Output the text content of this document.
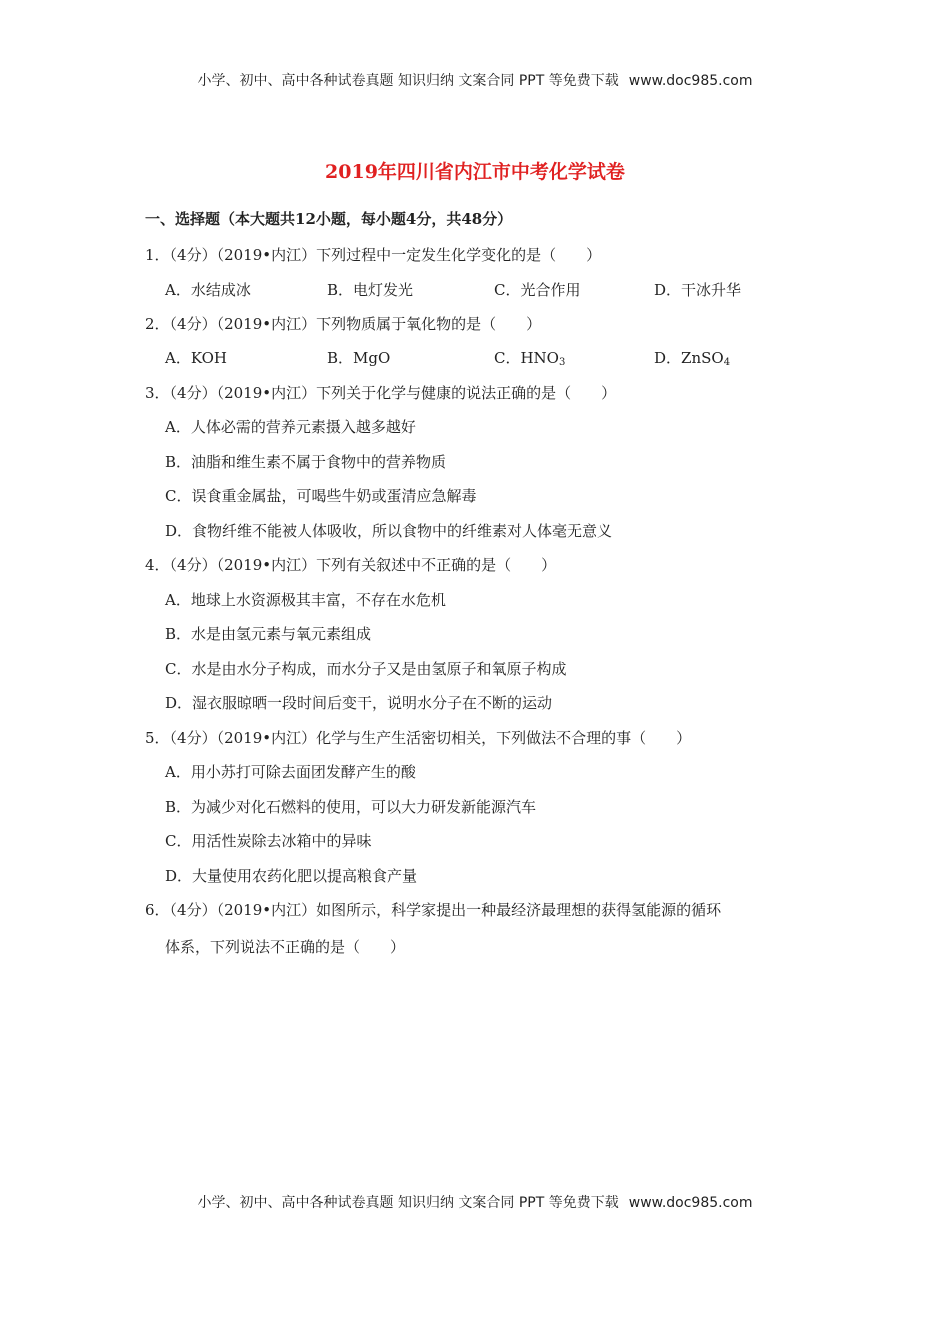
小学、初中、高中各种试卷真题 知识归纳 文案合同 PPT 等免费下载 www.doc985.com
2019年四川省内江市中考化学试卷
一、选择题（本大题共12小题，每小题4分，共48分）
1．（4分）（2019•内江）下列过程中一定发生化学变化的是（　　）
A．水结成冰	B．电灯发光	C．光合作用	D．干冰升华
2．（4分）（2019•内江）下列物质属于氧化物的是（　　）
A．KOH	B．MgO	C．$HNO_3$	D．ZnSO$_4$
3．（4分）（2019•内江）下列关于化学与健康的说法正确的是（　　）
A．人体必需的营养元素摄入越多越好
B．油脂和维生素不属于食物中的营养物质
C．误食重金属盐，可喝些牛奶或蛋清应急解毒
D．食物纤维不能被人体吸收，所以食物中的纤维素对人体毫无意义
4．（4分）（2019•内江）下列有关叙述中不正确的是（　　）
A．地球上水资源极其丰富，不存在水危机
B．水是由氢元素与氧元素组成
C．水是由水分子构成，而水分子又是由氢原子和氧原子构成
D．湿衣服晾晒一段时间后变干，说明水分子在不断的运动
5．（4分）（2019•内江）化学与生产生活密切相关，下列做法不合理的事（　　）
A．用小苏打可除去面团发酵产生的酸
B．为减少对化石燃料的使用，可以大力研发新能源汽车
C．用活性炭除去冰箱中的异味
D．大量使用农药化肥以提高粮食产量
6．（4分）（2019•内江）如图所示，科学家提出一种最经济最理想的获得氢能源的循环
体系，下列说法不正确的是（　　）
小学、初中、高中各种试卷真题 知识归纳 文案合同 PPT 等免费下载 www.doc985.com
